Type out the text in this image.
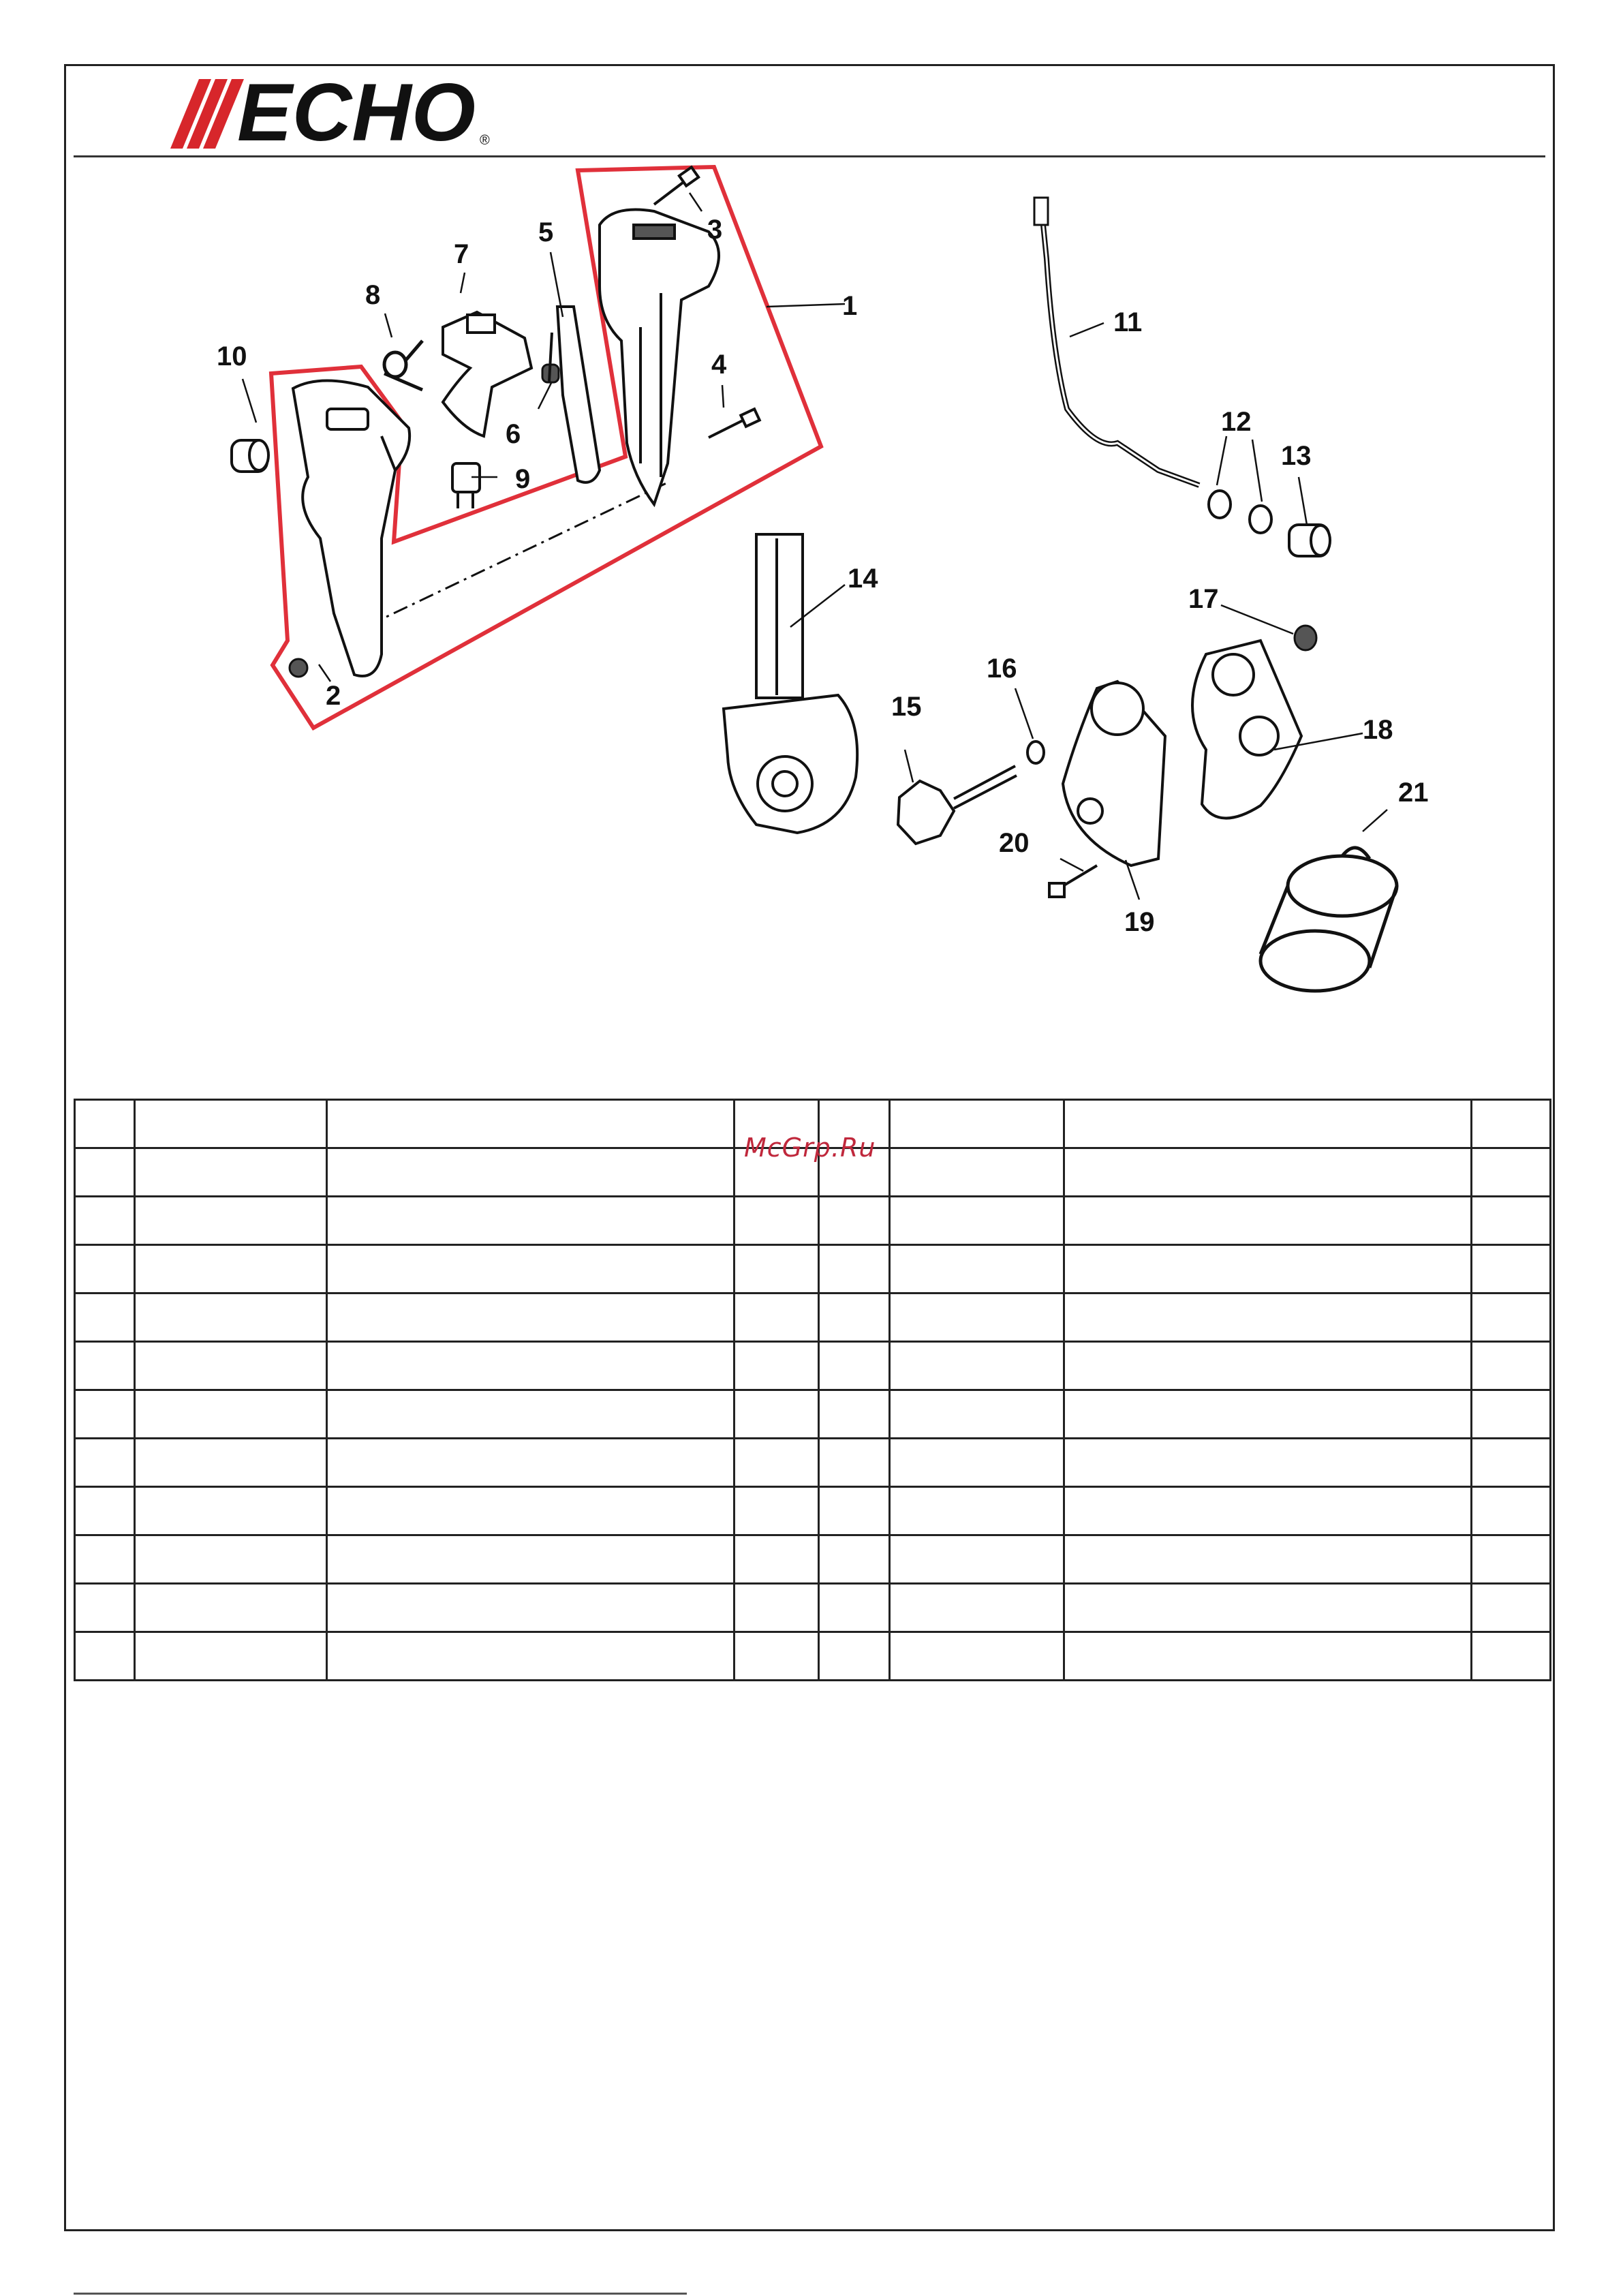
ECHO ®
1
2
3
4
5
6
7
8
9
10
11
12
13
14
15
16
17
18
19
20
21

McGrp.Ru
